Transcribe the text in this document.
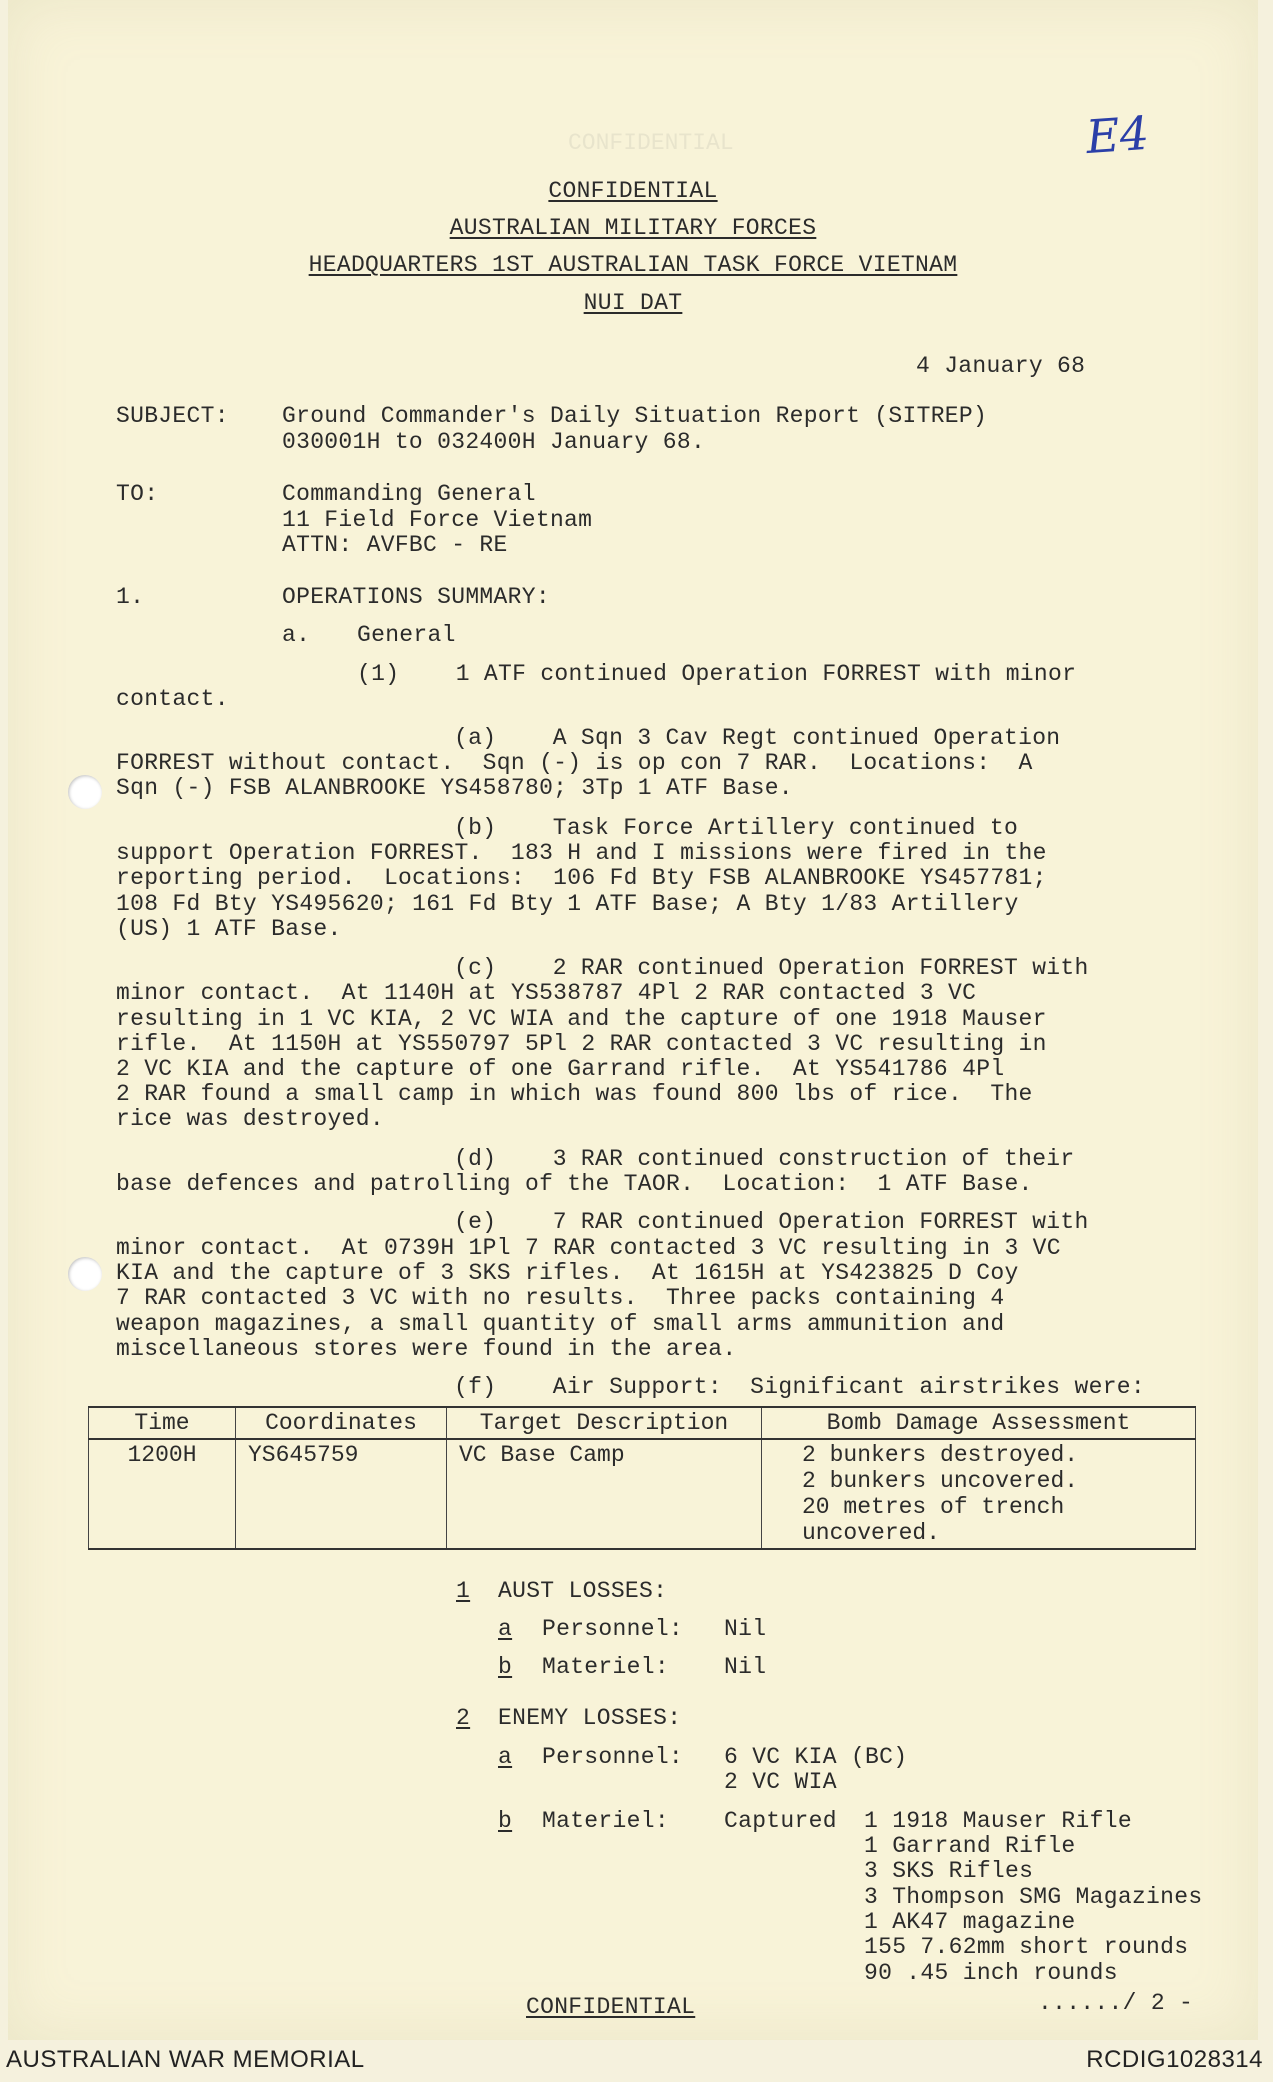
CONFIDENTIAL	E4
CONFIDENTIAL
AUSTRALIAN MILITARY FORCES
HEADQUARTERS 1ST AUSTRALIAN TASK FORCE VIETNAM
NUI DAT
4 January 68
SUBJECT: Ground Commander's Daily Situation Report (SITREP)
030001H to 032400H January 68.
TO:	Commanding General
11 Field Force Vietnam
ATTN: AVFBC - RE
1.	OPERATIONS SUMMARY:
a. General
(1)    1 ATF continued Operation FORREST with minor
contact.
(a)    A Sqn 3 Cav Regt continued Operation
FORREST without contact.  Sqn (-) is op con 7 RAR.  Locations:  A
Sqn (-) FSB ALANBROOKE YS458780; 3Tp 1 ATF Base.
(b)    Task Force Artillery continued to
support Operation FORREST.  183 H and I missions were fired in the
reporting period.  Locations:  106 Fd Bty FSB ALANBROOKE YS457781;
108 Fd Bty YS495620; 161 Fd Bty 1 ATF Base; A Bty 1/83 Artillery
(US) 1 ATF Base.
(c)    2 RAR continued Operation FORREST with
minor contact.  At 1140H at YS538787 4Pl 2 RAR contacted 3 VC
resulting in 1 VC KIA, 2 VC WIA and the capture of one 1918 Mauser
rifle.  At 1150H at YS550797 5Pl 2 RAR contacted 3 VC resulting in
2 VC KIA and the capture of one Garrand rifle.  At YS541786 4Pl
2 RAR found a small camp in which was found 800 lbs of rice.  The
rice was destroyed.
(d)    3 RAR continued construction of their
base defences and patrolling of the TAOR.  Location:  1 ATF Base.
(e)    7 RAR continued Operation FORREST with
minor contact.  At 0739H 1Pl 7 RAR contacted 3 VC resulting in 3 VC
KIA and the capture of 3 SKS rifles.  At 1615H at YS423825 D Coy
7 RAR contacted 3 VC with no results.  Three packs containing 4
weapon magazines, a small quantity of small arms ammunition and
miscellaneous stores were found in the area.
(f)    Air Support:  Significant airstrikes were:
Time	Coordinates	Target Description	Bomb Damage Assessment
1200H	YS645759	VC Base Camp	2 bunkers destroyed.
2 bunkers uncovered.
20 metres of trench
uncovered.
1 AUST LOSSES:
a Personnel: Nil
b Materiel: Nil
2 ENEMY LOSSES:
a Personnel: 6 VC KIA (BC)
2 VC WIA
b Materiel: Captured 1 1918 Mauser Rifle
1 Garrand Rifle
3 SKS Rifles
3 Thompson SMG Magazines
1 AK47 magazine
155 7.62mm short rounds
90 .45 inch rounds
CONFIDENTIAL	....../ 2 -
AUSTRALIAN WAR MEMORIAL	RCDIG1028314
